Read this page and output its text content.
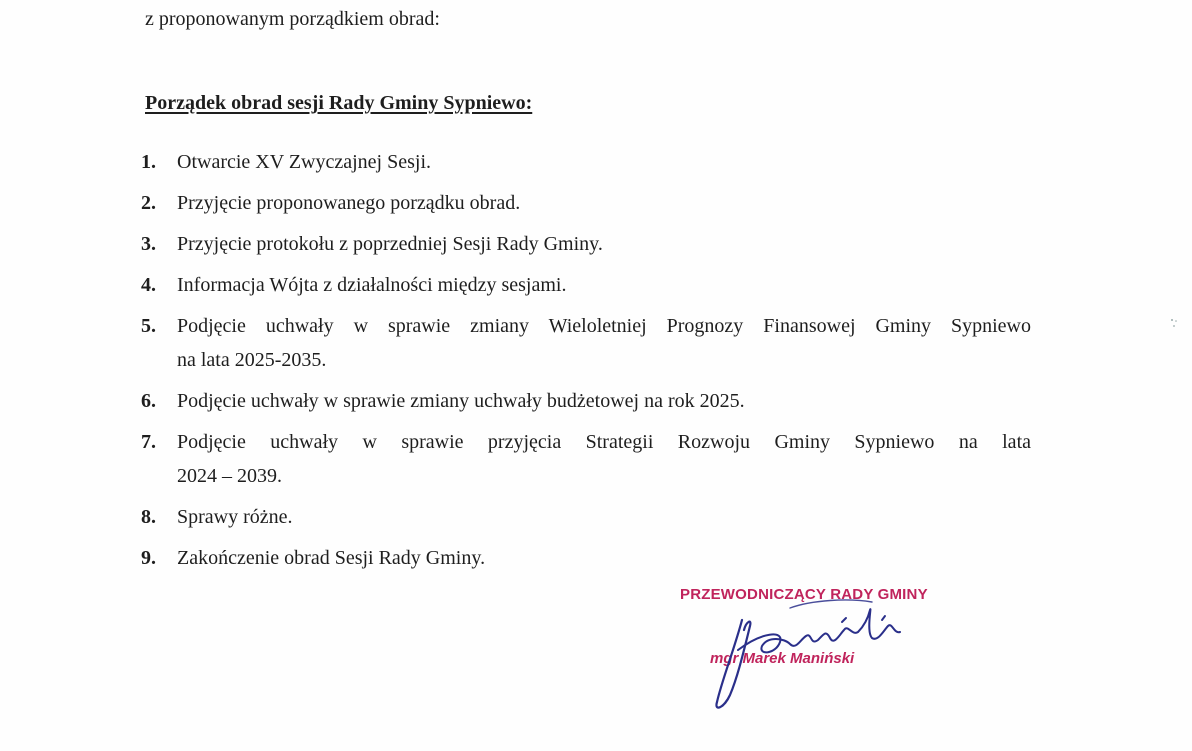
z proponowanym porządkiem obrad:
Porządek obrad sesji Rady Gminy Sypniewo:
1.	Otwarcie XV Zwyczajnej Sesji.
2.	Przyjęcie proponowanego porządku obrad.
3.	Przyjęcie protokołu z poprzedniej Sesji Rady Gminy.
4.	Informacja Wójta z działalności między sesjami.
5.	Podjęcie uchwały w sprawie zmiany Wieloletniej Prognozy Finansowej Gminy Sypniewo
na lata 2025-2035.
6.	Podjęcie uchwały w sprawie zmiany uchwały budżetowej na rok 2025.
7.	Podjęcie uchwały w sprawie przyjęcia Strategii Rozwoju Gminy Sypniewo na lata
2024 – 2039.
8.	Sprawy różne.
9.	Zakończenie obrad Sesji Rady Gminy.
PRZEWODNICZĄCY RADY GMINY
mgr Marek Maniński
